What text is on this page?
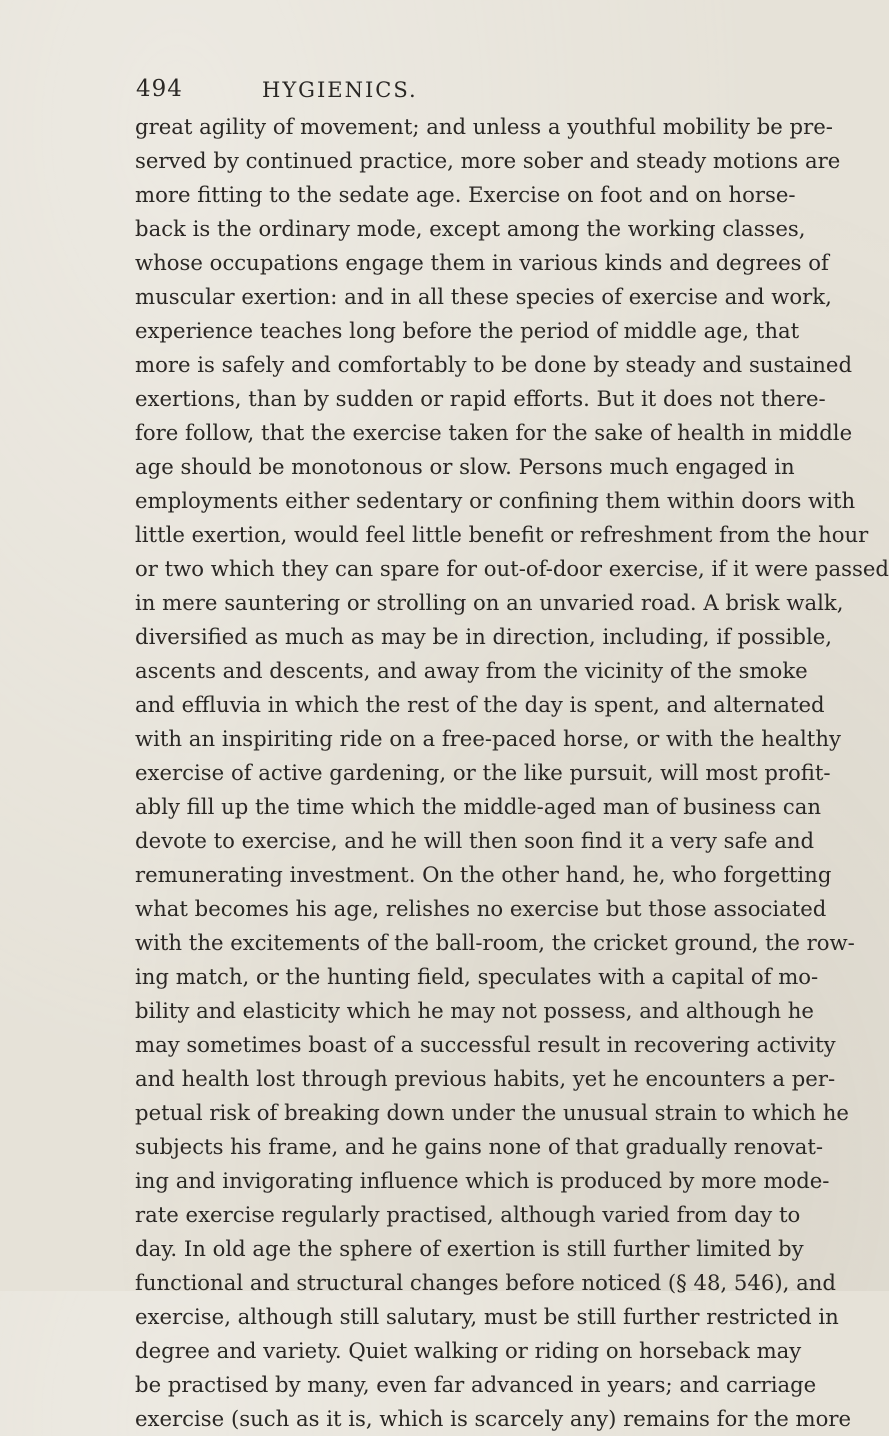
494	HYGIENICS.
great agility of movement; and unless a youthful mobility be pre-
served by continued practice, more sober and steady motions are
more fitting to the sedate age. Exercise on foot and on horse-
back is the ordinary mode, except among the working classes,
whose occupations engage them in various kinds and degrees of
muscular exertion: and in all these species of exercise and work,
experience teaches long before the period of middle age, that
more is safely and comfortably to be done by steady and sustained
exertions, than by sudden or rapid efforts. But it does not there-
fore follow, that the exercise taken for the sake of health in middle
age should be monotonous or slow. Persons much engaged in
employments either sedentary or confining them within doors with
little exertion, would feel little benefit or refreshment from the hour
or two which they can spare for out-of-door exercise, if it were passed
in mere sauntering or strolling on an unvaried road. A brisk walk,
diversified as much as may be in direction, including, if possible,
ascents and descents, and away from the vicinity of the smoke
and effluvia in which the rest of the day is spent, and alternated
with an inspiriting ride on a free-paced horse, or with the healthy
exercise of active gardening, or the like pursuit, will most profit-
ably fill up the time which the middle-aged man of business can
devote to exercise, and he will then soon find it a very safe and
remunerating investment. On the other hand, he, who forgetting
what becomes his age, relishes no exercise but those associated
with the excitements of the ball-room, the cricket ground, the row-
ing match, or the hunting field, speculates with a capital of mo-
bility and elasticity which he may not possess, and although he
may sometimes boast of a successful result in recovering activity
and health lost through previous habits, yet he encounters a per-
petual risk of breaking down under the unusual strain to which he
subjects his frame, and he gains none of that gradually renovat-
ing and invigorating influence which is produced by more mode-
rate exercise regularly practised, although varied from day to
day. In old age the sphere of exertion is still further limited by
functional and structural changes before noticed (§ 48, 546), and
exercise, although still salutary, must be still further restricted in
degree and variety. Quiet walking or riding on horseback may
be practised by many, even far advanced in years; and carriage
exercise (such as it is, which is scarcely any) remains for the more
